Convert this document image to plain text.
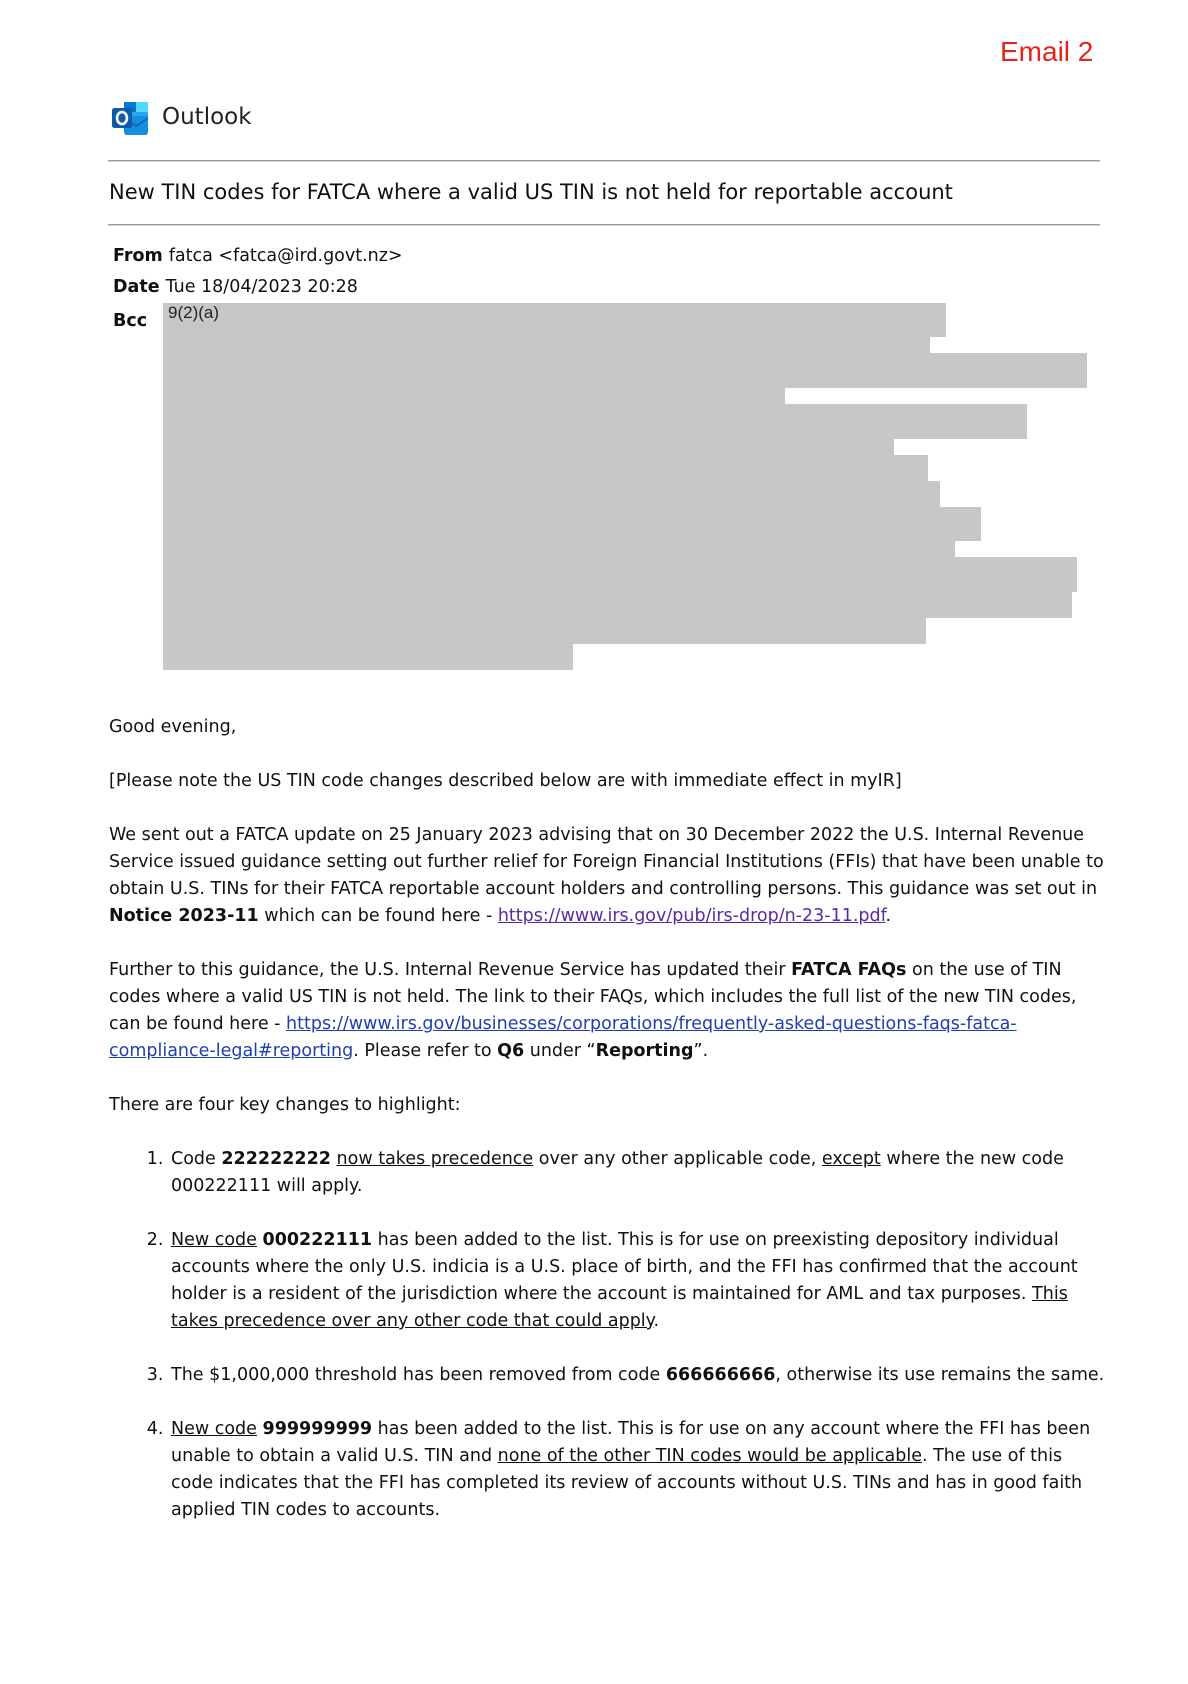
Email 2
Outlook
New TIN codes for FATCA where a valid US TIN is not held for reportable account
From fatca <fatca@ird.govt.nz>
Date Tue 18/04/2023 20:28
Bcc	9(2)(a)

Good evening,

[Please note the US TIN code changes described below are with immediate effect in myIR]

We sent out a FATCA update on 25 January 2023 advising that on 30 December 2022 the U.S. Internal Revenue Service issued guidance setting out further relief for Foreign Financial Institutions (FFIs) that have been unable to obtain U.S. TINs for their FATCA reportable account holders and controlling persons. This guidance was set out in Notice 2023-11 which can be found here - https://www.irs.gov/pub/irs-drop/n-23-11.pdf.

Further to this guidance, the U.S. Internal Revenue Service has updated their FATCA FAQs on the use of TIN codes where a valid US TIN is not held. The link to their FAQs, which includes the full list of the new TIN codes, can be found here - https://www.irs.gov/businesses/corporations/frequently-asked-questions-faqs-fatca-compliance-legal#reporting. Please refer to Q6 under “Reporting”.

There are four key changes to highlight:

1. Code 222222222 now takes precedence over any other applicable code, except where the new code 000222111 will apply.
2. New code 000222111 has been added to the list. This is for use on preexisting depository individual accounts where the only U.S. indicia is a U.S. place of birth, and the FFI has confirmed that the account holder is a resident of the jurisdiction where the account is maintained for AML and tax purposes. This takes precedence over any other code that could apply.
3. The $1,000,000 threshold has been removed from code 666666666, otherwise its use remains the same.
4. New code 999999999 has been added to the list. This is for use on any account where the FFI has been unable to obtain a valid U.S. TIN and none of the other TIN codes would be applicable. The use of this code indicates that the FFI has completed its review of accounts without U.S. TINs and has in good faith applied TIN codes to accounts.
